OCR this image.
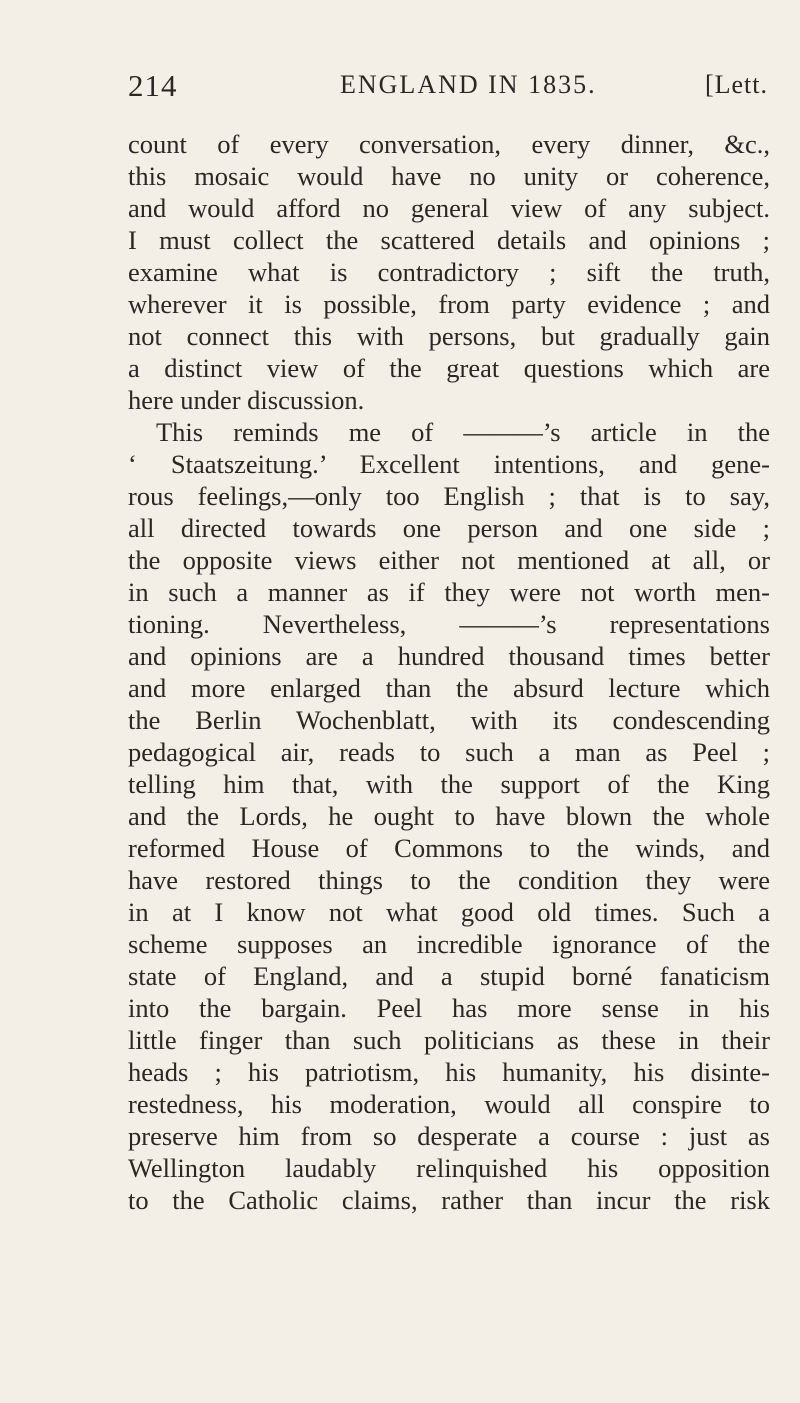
214	ENGLAND IN 1835.	[Lett.
count of every conversation, every dinner, &c.,
this mosaic would have no unity or coherence,
and would afford no general view of any subject.
I must collect the scattered details and opinions ;
examine what is contradictory ; sift the truth,
wherever it is possible, from party evidence ; and
not connect this with persons, but gradually gain
a distinct view of the great questions which are
here under discussion.
This reminds me of ———’s article in the
‘ Staatszeitung.’ Excellent intentions, and gene-
rous feelings,—only too English ; that is to say,
all directed towards one person and one side ;
the opposite views either not mentioned at all, or
in such a manner as if they were not worth men-
tioning. Nevertheless, ———’s representations
and opinions are a hundred thousand times better
and more enlarged than the absurd lecture which
the Berlin Wochenblatt, with its condescending
pedagogical air, reads to such a man as Peel ;
telling him that, with the support of the King
and the Lords, he ought to have blown the whole
reformed House of Commons to the winds, and
have restored things to the condition they were
in at I know not what good old times. Such a
scheme supposes an incredible ignorance of the
state of England, and a stupid borné fanaticism
into the bargain. Peel has more sense in his
little finger than such politicians as these in their
heads ; his patriotism, his humanity, his disinte-
restedness, his moderation, would all conspire to
preserve him from so desperate a course : just as
Wellington laudably relinquished his opposition
to the Catholic claims, rather than incur the risk
